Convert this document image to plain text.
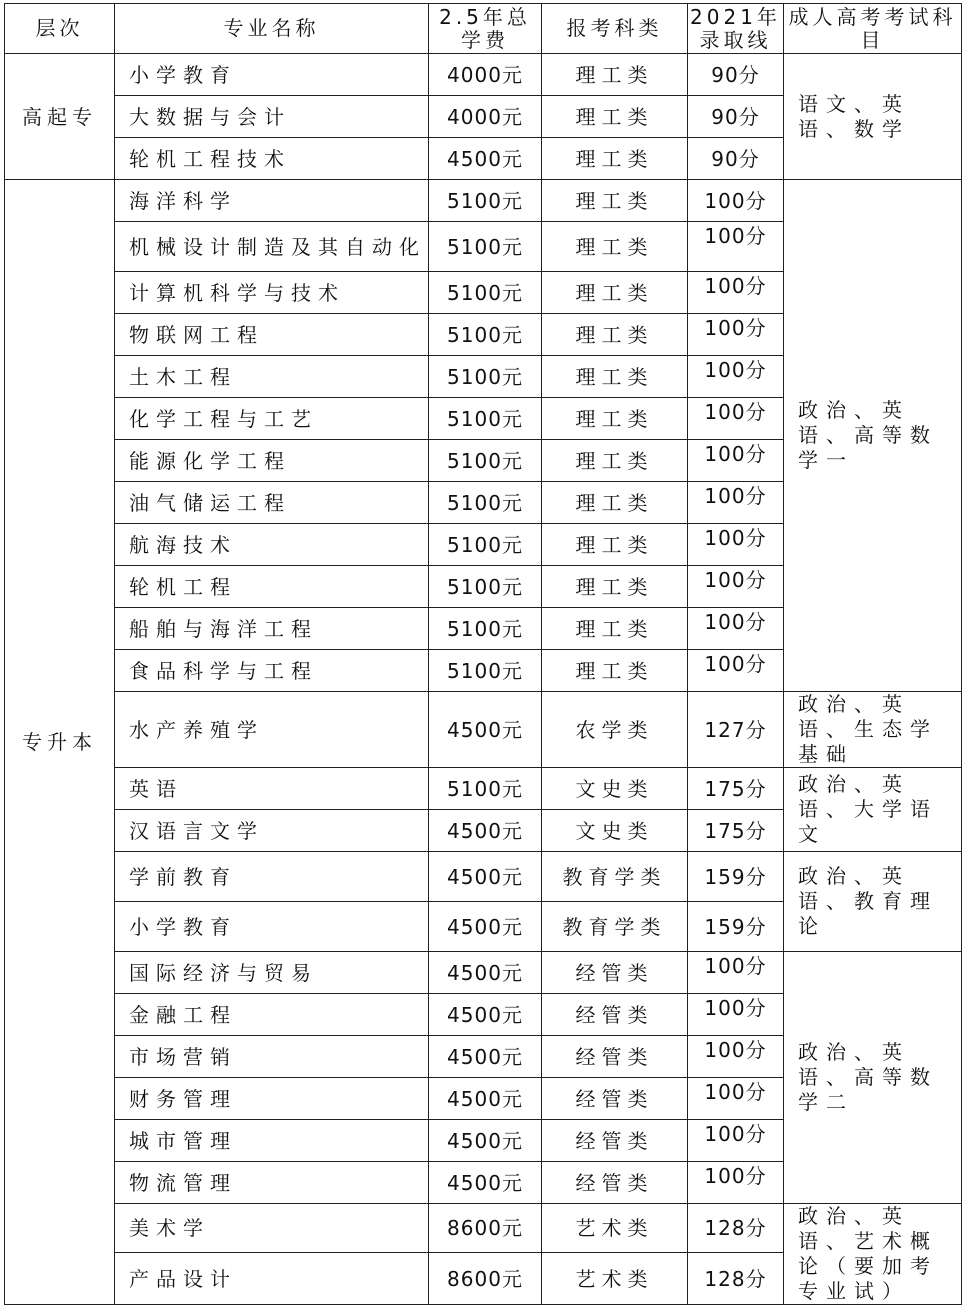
层次	专业名称	2.5年总学费	报考科类	2021年录取线	成人高考考试科目
高起专	小学教育	4000元	理工类	90分	语文、英语、数学
	大数据与会计	4000元	理工类	90分	
	轮机工程技术	4500元	理工类	90分	
专升本	海洋科学	5100元	理工类	100分	政治、英语、高等数学一
	机械设计制造及其自动化	5100元	理工类	100分	
	计算机科学与技术	5100元	理工类	100分	
	物联网工程	5100元	理工类	100分	
	土木工程	5100元	理工类	100分	
	化学工程与工艺	5100元	理工类	100分	
	能源化学工程	5100元	理工类	100分	
	油气储运工程	5100元	理工类	100分	
	航海技术	5100元	理工类	100分	
	轮机工程	5100元	理工类	100分	
	船舶与海洋工程	5100元	理工类	100分	
	食品科学与工程	5100元	理工类	100分	
	水产养殖学	4500元	农学类	127分	政治、英语、生态学基础
	英语	5100元	文史类	175分	政治、英语、大学语文
	汉语言文学	4500元	文史类	175分	
	学前教育	4500元	教育学类	159分	政治、英语、教育理论
	小学教育	4500元	教育学类	159分	
	国际经济与贸易	4500元	经管类	100分	政治、英语、高等数学二
	金融工程	4500元	经管类	100分	
	市场营销	4500元	经管类	100分	
	财务管理	4500元	经管类	100分	
	城市管理	4500元	经管类	100分	
	物流管理	4500元	经管类	100分	
	美术学	8600元	艺术类	128分	政治、英语、艺术概论（要加考专业试）
	产品设计	8600元	艺术类	128分	
